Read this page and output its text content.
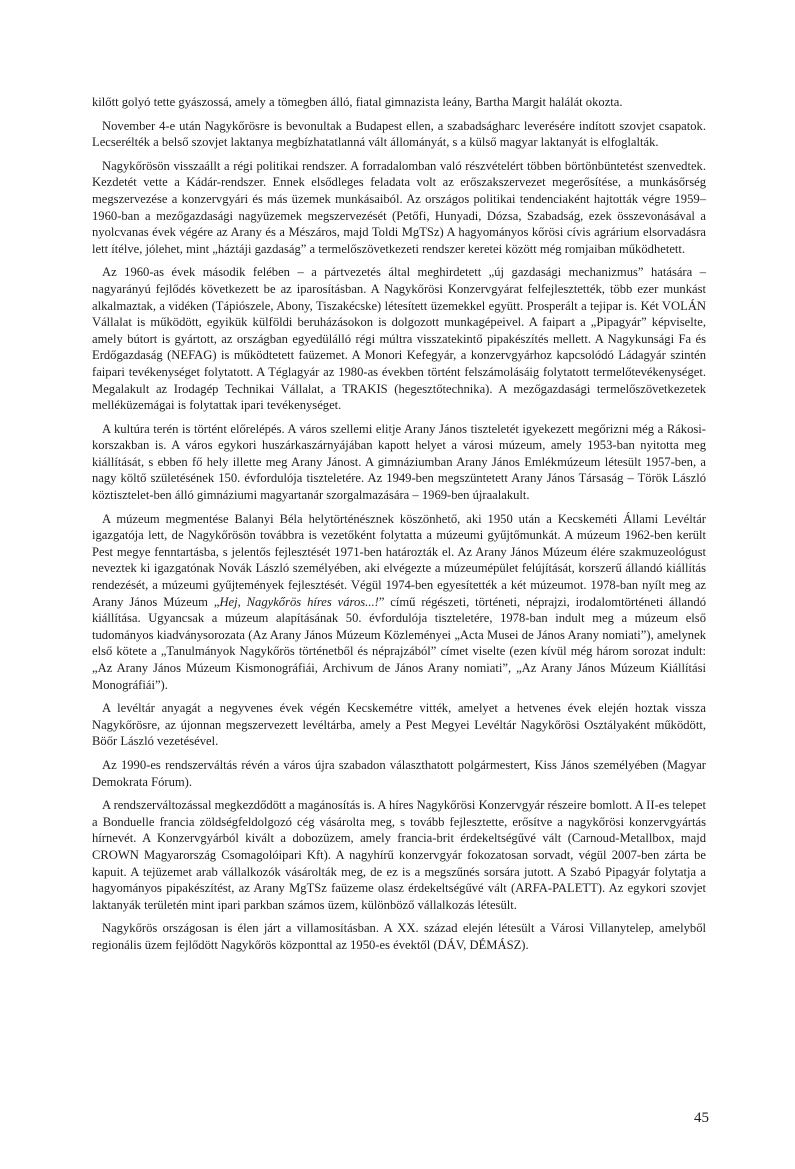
kilőtt golyó tette gyászossá, amely a tömegben álló, fiatal gimnazista leány, Bartha Margit halálát okozta.

November 4-e után Nagykőrösre is bevonultak a Budapest ellen, a szabadságharc leverésére indított szovjet csapatok. Lecserélték a belső szovjet laktanya megbízhatatlanná vált állományát, s a külső magyar laktanyát is elfoglalták.

Nagykőrösön visszaállt a régi politikai rendszer. A forradalomban való részvételért többen börtönbüntetést szenvedtek. Kezdetét vette a Kádár-rendszer. Ennek elsődleges feladata volt az erőszakszervezet megerősítése, a munkásőrség megszervezése a konzervgyári és más üzemek munkásaiból. Az országos politikai tendenciaként hajtották végre 1959–1960-ban a mezőgazdasági nagyüzemek megszervezését (Petőfi, Hunyadi, Dózsa, Szabadság, ezek összevonásával a nyolcvanas évek végére az Arany és a Mészáros, majd Toldi MgTSz) A hagyományos kőrösi cívis agrárium elsorvadásra lett ítélve, jólehet, mint „háztáji gazdaság” a termelőszövetkezeti rendszer keretei között még romjaiban működhetett.

Az 1960-as évek második felében – a pártvezetés által meghirdetett „új gazdasági mechanizmus” hatására – nagyarányú fejlődés következett be az iparosításban. A Nagykőrösi Konzervgyárat felfejlesztették, több ezer munkást alkalmaztak, a vidéken (Tápiószele, Abony, Tiszakécske) létesített üzemekkel együtt. Prosperált a tejipar is. Két VOLÁN Vállalat is működött, egyikük külföldi beruházásokon is dolgozott munkagépeivel. A faipart a „Pipagyár” képviselte, amely bútort is gyártott, az országban egyedülálló régi múltra visszatekintő pipakészítés mellett. A Nagykunsági Fa és Erdőgazdaság (NEFAG) is működtetett faüzemet. A Monori Kefegyár, a konzervgyárhoz kapcsolódó Ládagyár szintén faipari tevékenységet folytatott. A Téglagyár az 1980-as években történt felszámolásáig folytatott termelőtevékenységet. Megalakult az Irodagép Technikai Vállalat, a TRAKIS (hegesztőtechnika). A mezőgazdasági termelőszövetkezetek melléküzemágai is folytattak ipari tevékenységet.

A kultúra terén is történt előrelépés. A város szellemi elitje Arany János tiszteletét igyekezett megőrizni még a Rákosi-korszakban is. A város egykori huszárkaszárnyájában kapott helyet a városi múzeum, amely 1953-ban nyitotta meg kiállítását, s ebben fő hely illette meg Arany Jánost. A gimnáziumban Arany János Emlékmúzeum létesült 1957-ben, a nagy költő születésének 150. évfordulója tiszteletére. Az 1949-ben megszüntetett Arany János Társaság – Török László köztisztelet-ben álló gimnáziumi magyartanár szorgalmazására – 1969-ben újraalakult.

A múzeum megmentése Balanyi Béla helytörténésznek köszönhető, aki 1950 után a Kecskeméti Állami Levéltár igazgatója lett, de Nagykőrösön továbbra is vezetőként folytatta a múzeumi gyűjtőmunkát. A múzeum 1962-ben került Pest megye fenntartásba, s jelentős fejlesztését 1971-ben határozták el. Az Arany János Múzeum élére szakmuzeológust neveztek ki igazgatónak Novák László személyében, aki elvégezte a múzeumépület felújítását, korszerű állandó kiállítás rendezését, a múzeumi gyűjtemények fejlesztését. Végül 1974-ben egyesítették a két múzeumot. 1978-ban nyílt meg az Arany János Múzeum „Hej, Nagykőrös híres város...!” című régészeti, történeti, néprajzi, irodalomtörténeti állandó kiállítása. Ugyancsak a múzeum alapításának 50. évfordulója tiszteletére, 1978-ban indult meg a múzeum első tudományos kiadványsorozata (Az Arany János Múzeum Közleményei „Acta Musei de János Arany nomiati”), amelynek első kötete a „Tanulmányok Nagykőrös történetből és néprajzából” címet viselte (ezen kívül még három sorozat indult: „Az Arany János Múzeum Kismonográfiái, Archivum de János Arany nomiati”, „Az Arany János Múzeum Kiállítási Monográfiái”).

A levéltár anyagát a negyvenes évek végén Kecskemétre vitték, amelyet a hetvenes évek elején hoztak vissza Nagykőrösre, az újonnan megszervezett levéltárba, amely a Pest Megyei Levéltár Nagykőrösi Osztályaként működött, Böőr László vezetésével.

Az 1990-es rendszerváltás révén a város újra szabadon választhatott polgármestert, Kiss János személyében (Magyar Demokrata Fórum).

A rendszerváltozással megkezdődött a magánosítás is. A híres Nagykőrösi Konzervgyár részeire bomlott. A II-es telepet a Bonduelle francia zöldségfeldolgozó cég vásárolta meg, s tovább fejlesztette, erősítve a nagykőrösi konzervgyártás hírnevét. A Konzervgyárból kivált a dobozüzem, amely francia-brit érdekeltségűvé vált (Carnoud-Metallbox, majd CROWN Magyarország Csomagolóipari Kft). A nagyhírű konzervgyár fokozatosan sorvadt, végül 2007-ben zárta be kapuit. A tejüzemet arab vállalkozók vásárolták meg, de ez is a megszűnés sorsára jutott. A Szabó Pipagyár folytatja a hagyományos pipakészítést, az Arany MgTSz faüzeme olasz érdekeltségűvé vált (ARFA-PALETT). Az egykori szovjet laktanyák területén mint ipari parkban számos üzem, különböző vállalkozás létesült.

Nagykőrös országosan is élen járt a villamosításban. A XX. század elején létesült a Városi Villanytelep, amelyből regionális üzem fejlődött Nagykőrös központtal az 1950-es évektől (DÁV, DÉMÁSZ).

45
